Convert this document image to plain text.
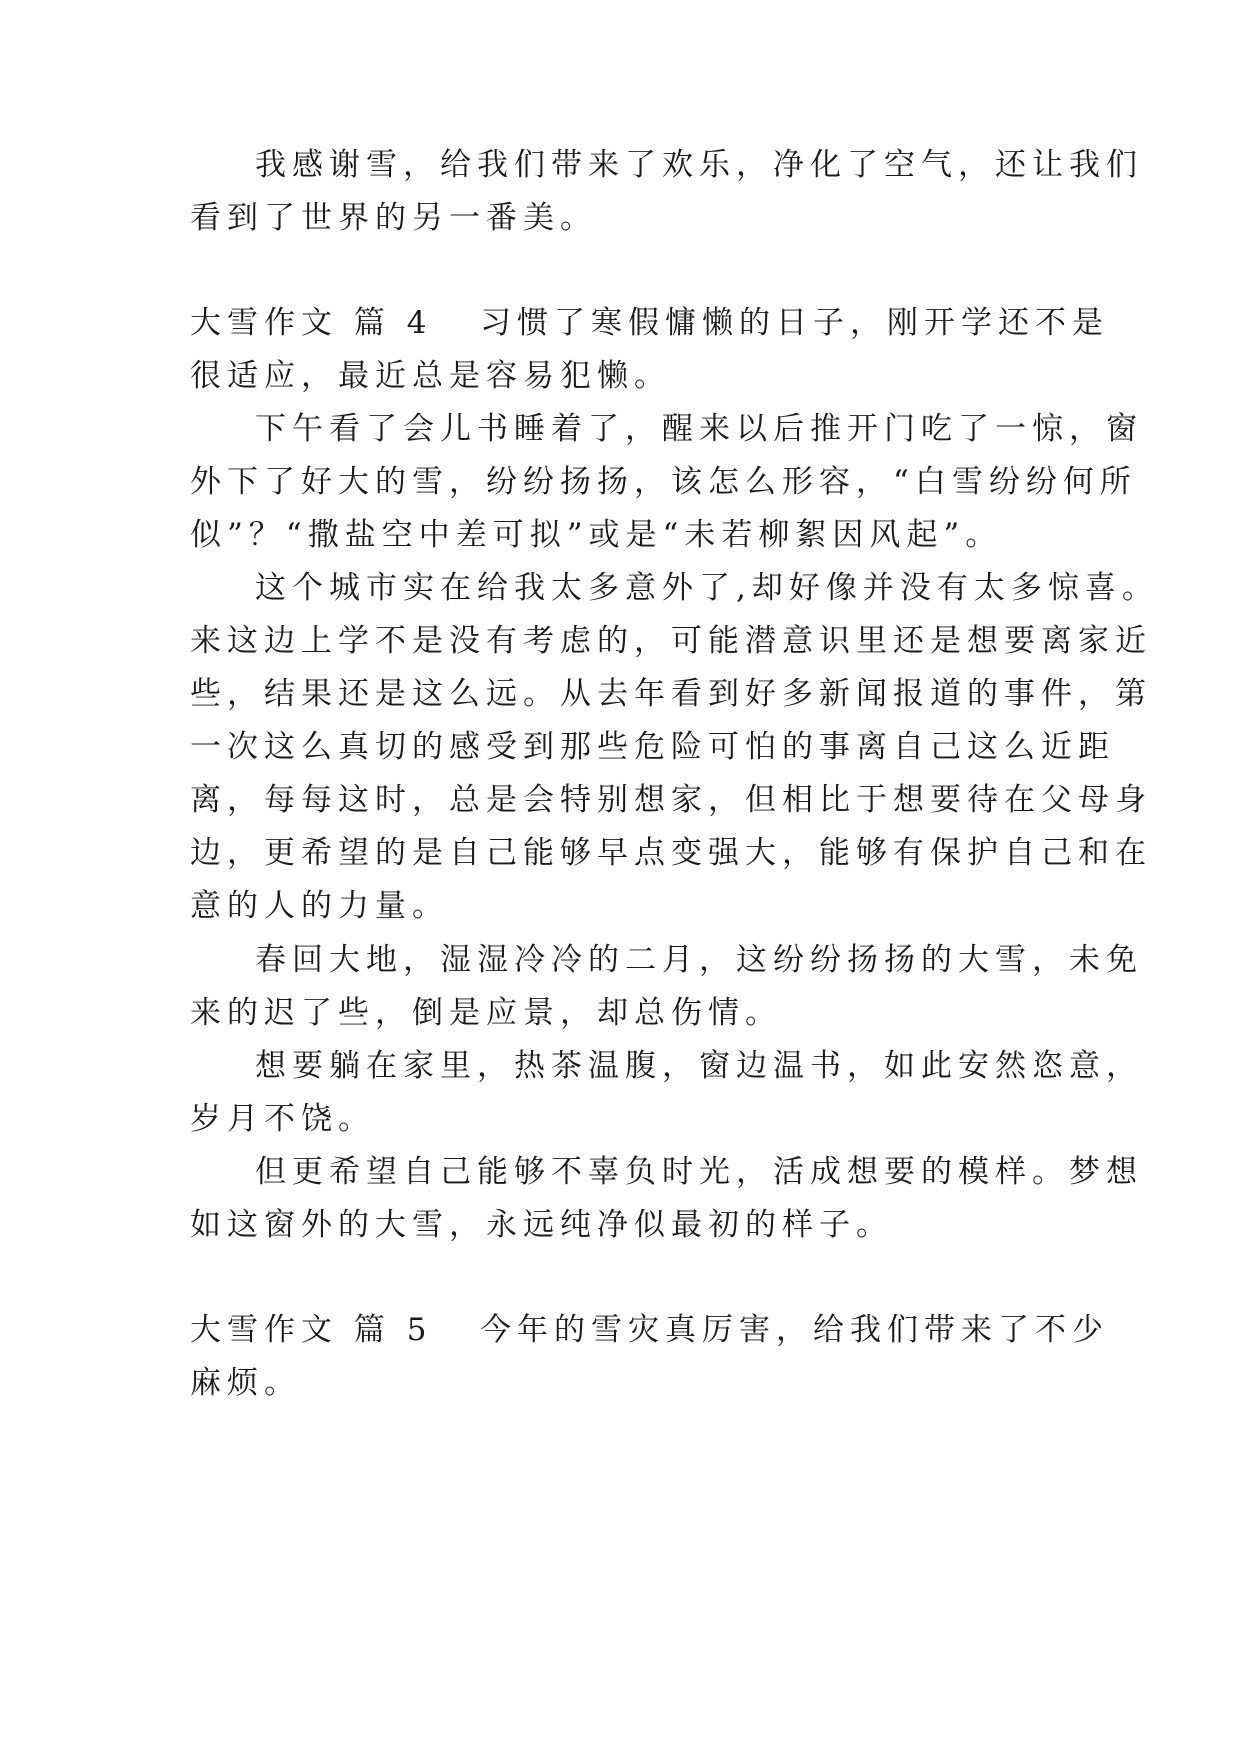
我感谢雪，给我们带来了欢乐，净化了空气，还让我们

看到了世界的另一番美。

大雪作文 篇 4 习惯了寒假慵懒的日子，刚开学还不是

很适应，最近总是容易犯懒。

下午看了会儿书睡着了，醒来以后推开门吃了一惊，窗

外下了好大的雪，纷纷扬扬，该怎么形容，“白雪纷纷何所

似”？“撒盐空中差可拟”或是“未若柳絮因风起”。

这个城市实在给我太多意外了,却好像并没有太多惊喜。

来这边上学不是没有考虑的，可能潜意识里还是想要离家近

些，结果还是这么远。从去年看到好多新闻报道的事件，第

一次这么真切的感受到那些危险可怕的事离自己这么近距

离，每每这时，总是会特别想家，但相比于想要待在父母身

边，更希望的是自己能够早点变强大，能够有保护自己和在

意的人的力量。

春回大地，湿湿冷冷的二月，这纷纷扬扬的大雪，未免

来的迟了些，倒是应景，却总伤情。

想要躺在家里，热茶温腹，窗边温书，如此安然恣意，

岁月不饶。

但更希望自己能够不辜负时光，活成想要的模样。梦想

如这窗外的大雪，永远纯净似最初的样子。

大雪作文 篇 5 今年的雪灾真厉害，给我们带来了不少

麻烦。
